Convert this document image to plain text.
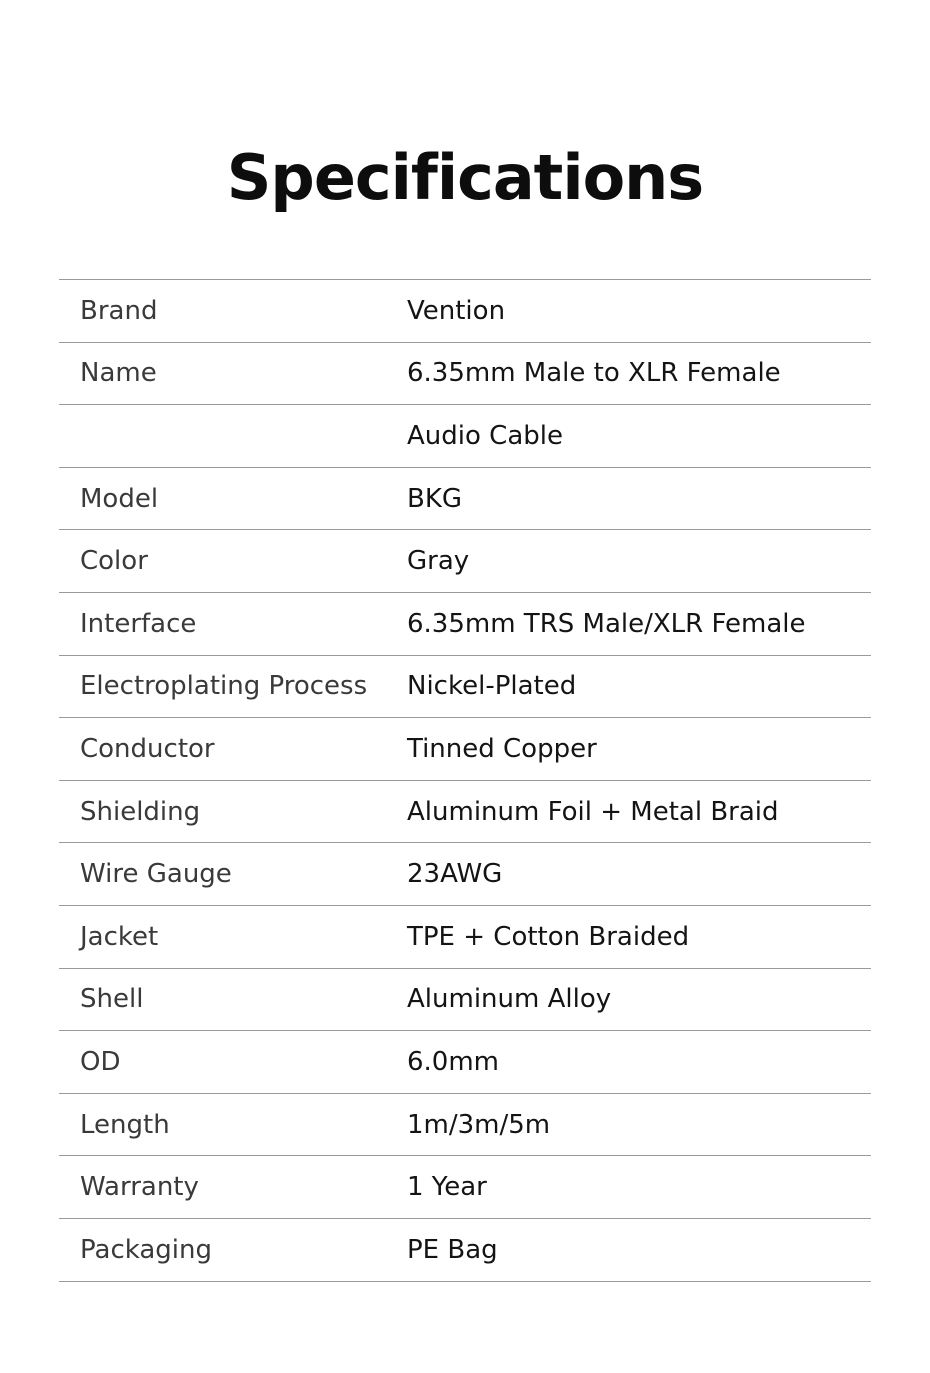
Specifications
Brand	Vention
Name	6.35mm Male to XLR Female
Audio Cable
Model	BKG
Color	Gray
Interface	6.35mm TRS Male/XLR Female
Electroplating Process	Nickel-Plated
Conductor	Tinned Copper
Shielding	Aluminum Foil + Metal Braid
Wire Gauge	23AWG
Jacket	TPE + Cotton Braided
Shell	Aluminum Alloy
OD	6.0mm
Length	1m/3m/5m
Warranty	1 Year
Packaging	PE Bag
